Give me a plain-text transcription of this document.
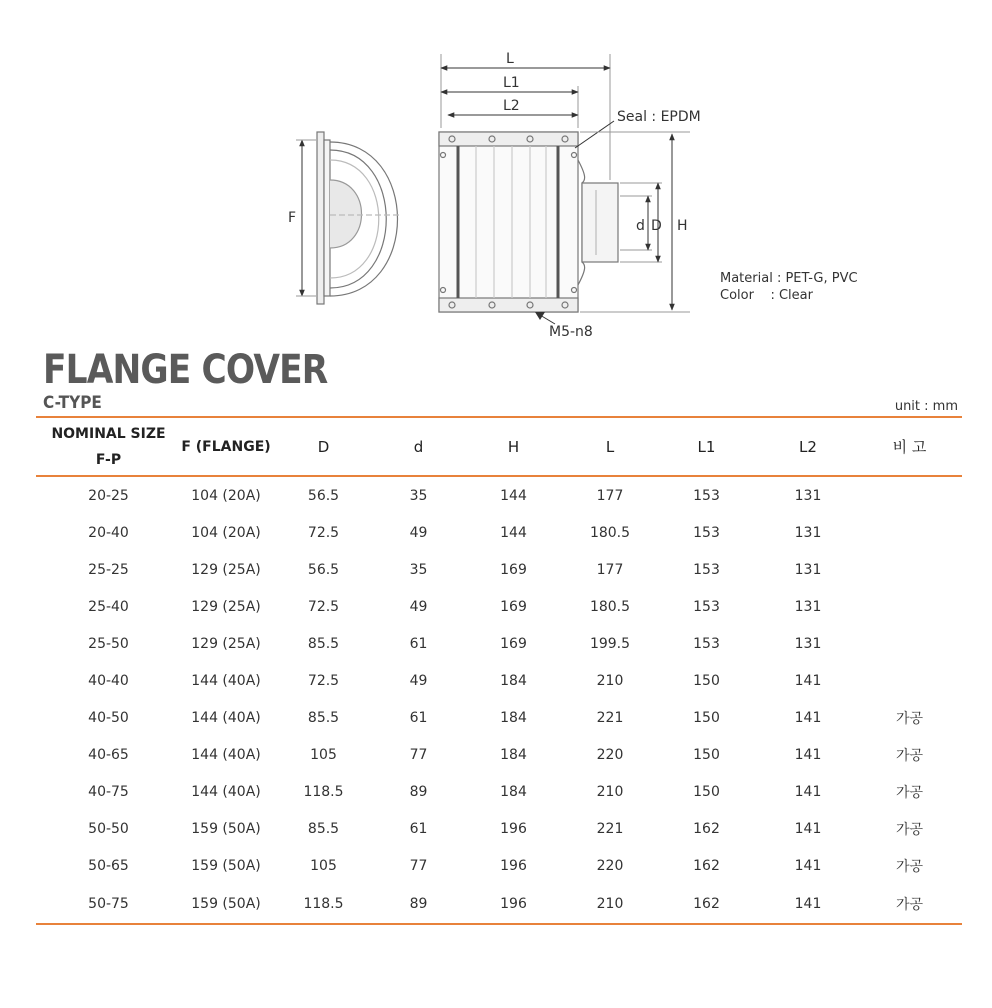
F
L
L1
L2
Seal : EPDM
d D H
M5-n8
Material : PET-G, PVC
Color    : Clear
FLANGE COVER
C-TYPE	unit : mm
NOMINAL SIZE
F-P	F (FLANGE)	D	d	H	L	L1	L2	비 고
20-25	104 (20A)	56.5	35	144	177	153	131	
20-40	104 (20A)	72.5	49	144	180.5	153	131	
25-25	129 (25A)	56.5	35	169	177	153	131	
25-40	129 (25A)	72.5	49	169	180.5	153	131	
25-50	129 (25A)	85.5	61	169	199.5	153	131	
40-40	144 (40A)	72.5	49	184	210	150	141	
40-50	144 (40A)	85.5	61	184	221	150	141	가공
40-65	144 (40A)	105	77	184	220	150	141	가공
40-75	144 (40A)	118.5	89	184	210	150	141	가공
50-50	159 (50A)	85.5	61	196	221	162	141	가공
50-65	159 (50A)	105	77	196	220	162	141	가공
50-75	159 (50A)	118.5	89	196	210	162	141	가공
